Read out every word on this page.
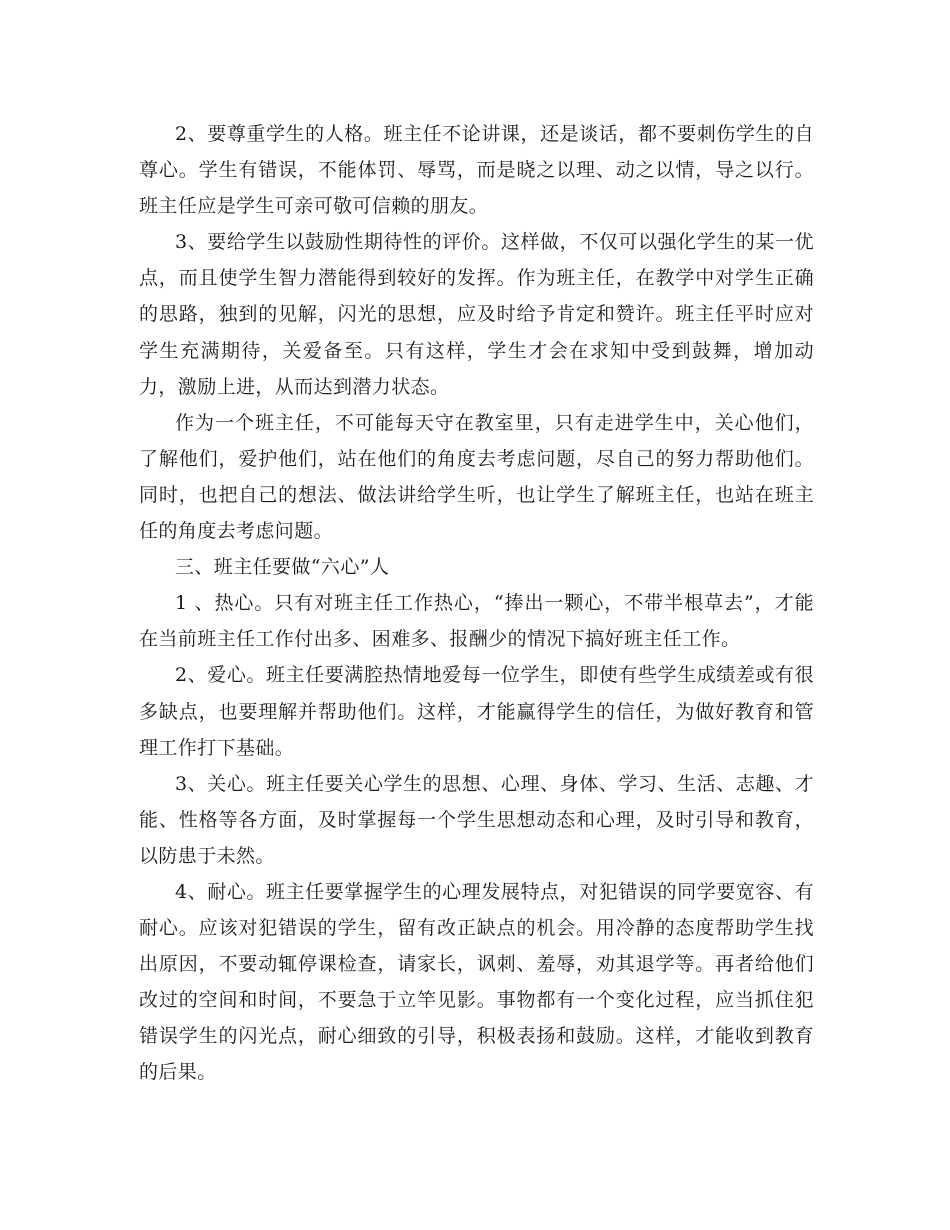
2、要尊重学生的人格。班主任不论讲课，还是谈话，都不要刺伤学生的自尊心。学生有错误，不能体罚、辱骂，而是晓之以理、动之以情，导之以行。班主任应是学生可亲可敬可信赖的朋友。

3、要给学生以鼓励性期待性的评价。这样做，不仅可以强化学生的某一优点，而且使学生智力潜能得到较好的发挥。作为班主任，在教学中对学生正确的思路，独到的见解，闪光的思想，应及时给予肯定和赞许。班主任平时应对学生充满期待，关爱备至。只有这样，学生才会在求知中受到鼓舞，增加动力，激励上进，从而达到潜力状态。

作为一个班主任，不可能每天守在教室里，只有走进学生中，关心他们，了解他们，爱护他们，站在他们的角度去考虑问题，尽自己的努力帮助他们。同时，也把自己的想法、做法讲给学生听，也让学生了解班主任，也站在班主任的角度去考虑问题。

三、班主任要做“六心”人

1 、热心。只有对班主任工作热心，“捧出一颗心，不带半根草去”，才能在当前班主任工作付出多、困难多、报酬少的情况下搞好班主任工作。

2、爱心。班主任要满腔热情地爱每一位学生，即使有些学生成绩差或有很多缺点，也要理解并帮助他们。这样，才能赢得学生的信任，为做好教育和管理工作打下基础。

3、关心。班主任要关心学生的思想、心理、身体、学习、生活、志趣、才能、性格等各方面，及时掌握每一个学生思想动态和心理，及时引导和教育，以防患于未然。

4、耐心。班主任要掌握学生的心理发展特点，对犯错误的同学要宽容、有耐心。应该对犯错误的学生，留有改正缺点的机会。用冷静的态度帮助学生找出原因，不要动辄停课检查，请家长，讽刺、羞辱，劝其退学等。再者给他们改过的空间和时间，不要急于立竿见影。事物都有一个变化过程，应当抓住犯错误学生的闪光点，耐心细致的引导，积极表扬和鼓励。这样，才能收到教育的后果。
